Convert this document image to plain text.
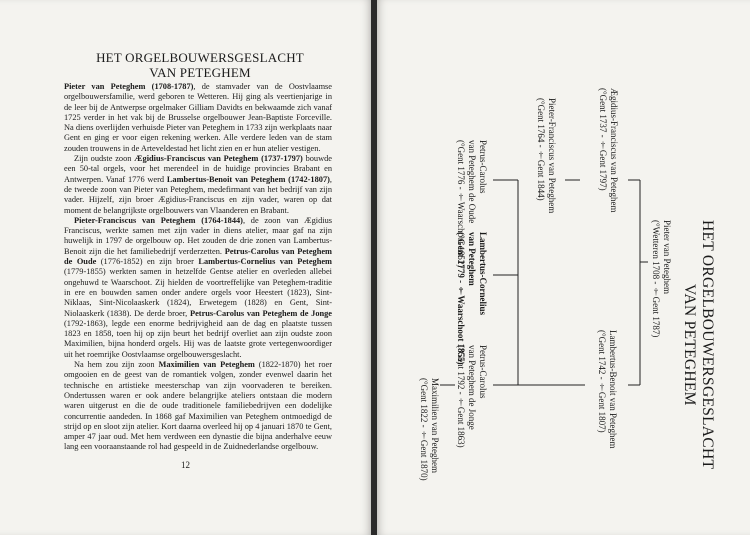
HET ORGELBOUWERSGESLACHT
VAN PETEGHEM

Pieter van Peteghem (1708-1787), de stamvader van de Oostvlaamse orgelbouwersfamilie, werd geboren te Wetteren. Hij ging als veertienjarige in de leer bij de Antwerpse orgelmaker Gilliam Davidts en bekwaamde zich vanaf 1725 verder in het vak bij de Brusselse orgelbouwer Jean-Baptiste Forceville. Na diens overlijden verhuisde Pieter van Peteghem in 1733 zijn werkplaats naar Gent en ging er voor eigen rekening werken. Alle verdere leden van de stam zouden trouwens in de Arteveldestad het licht zien en er hun atelier vestigen.

Zijn oudste zoon Ægidius-Franciscus van Peteghem (1737-1797) bouwde een 50-tal orgels, voor het merendeel in de huidige provincies Brabant en Antwerpen. Vanaf 1776 werd Lambertus-Benoit van Peteghem (1742-1807), de tweede zoon van Pieter van Peteghem, medefirmant van het bedrijf van zijn vader. Hijzelf, zijn broer Ægidius-Franciscus en zijn vader, waren op dat moment de belangrijkste orgelbouwers van Vlaanderen en Brabant.

Pieter-Franciscus van Peteghem (1764-1844), de zoon van Ægidius Franciscus, werkte samen met zijn vader in diens atelier, maar gaf na zijn huwelijk in 1797 de orgelbouw op. Het zouden de drie zonen van Lambertus-Benoit zijn die het familiebedrijf verderzetten. Petrus-Carolus van Peteghem de Oude (1776-1852) en zijn broer Lambertus-Cornelius van Peteghem (1779-1855) werkten samen in hetzelfde Gentse atelier en overleden allebei ongehuwd te Waarschoot. Zij hielden de voortreffelijke van Peteghem-traditie in ere en bouwden samen onder andere orgels voor Heestert (1823), Sint-Niklaas, Sint-Nicolaaskerk (1824), Erwetegem (1828) en Gent, Sint-Niolaaskerk (1838). De derde broer, Petrus-Carolus van Peteghem de Jonge (1792-1863), legde een enorme bedrijvigheid aan de dag en plaatste tussen 1823 en 1858, toen hij op zijn beurt het bedrijf overliet aan zijn oudste zoon Maximilien, bijna honderd orgels. Hij was de laatste grote vertegenwoordiger uit het roemrijke Oostvlaamse orgelbouwersgeslacht.

Na hem zou zijn zoon Maximilien van Peteghem (1822-1870) het roer omgooien en de geest van de romantiek volgen, zonder evenwel daarin het technische en artistieke meesterschap van zijn voorvaderen te bereiken. Ondertussen waren er ook andere belangrijke ateliers ontstaan die modern waren uitgerust en die de oude traditionele familiebedrijven een dodelijke concurrentie aandeden. In 1868 gaf Maximilien van Peteghem ontmoedigd de strijd op en sloot zijn atelier. Kort daarna overleed hij op 4 januari 1870 te Gent, amper 47 jaar oud. Met hem verdween een dynastie die bijna anderhalve eeuw lang een vooraanstaande rol had gespeeld in de Zuidnederlandse orgelbouw.

12	HET ORGELBOUWERSGESLACHT
VAN PETEGHEM
Pieter van Peteghem
(°Wetteren 1708 - †Gent 1787)
Ægidius-Franciscus van Peteghem
(°Gent 1737 - †Gent 1797)
Lambertus-Benoit van Peteghem
(°Gent 1742 - †Gent 1807)
Pieter-Franciscus van Peteghem
(°Gent 1764 - †Gent 1844)
Petrus-Carolus
van Peteghem de Oude
(°Gent 1776 - †Waarschoot 1852)
Lambertus-Cornelius
van Peteghem
(°Gent 1779 - †Waarschoot 1855)
Petrus-Carolus
van Peteghem de Jonge
(°Gent 1792 - †Gent 1863)
Maximilien van Peteghem
(°Gent 1822 - †Gent 1870)
